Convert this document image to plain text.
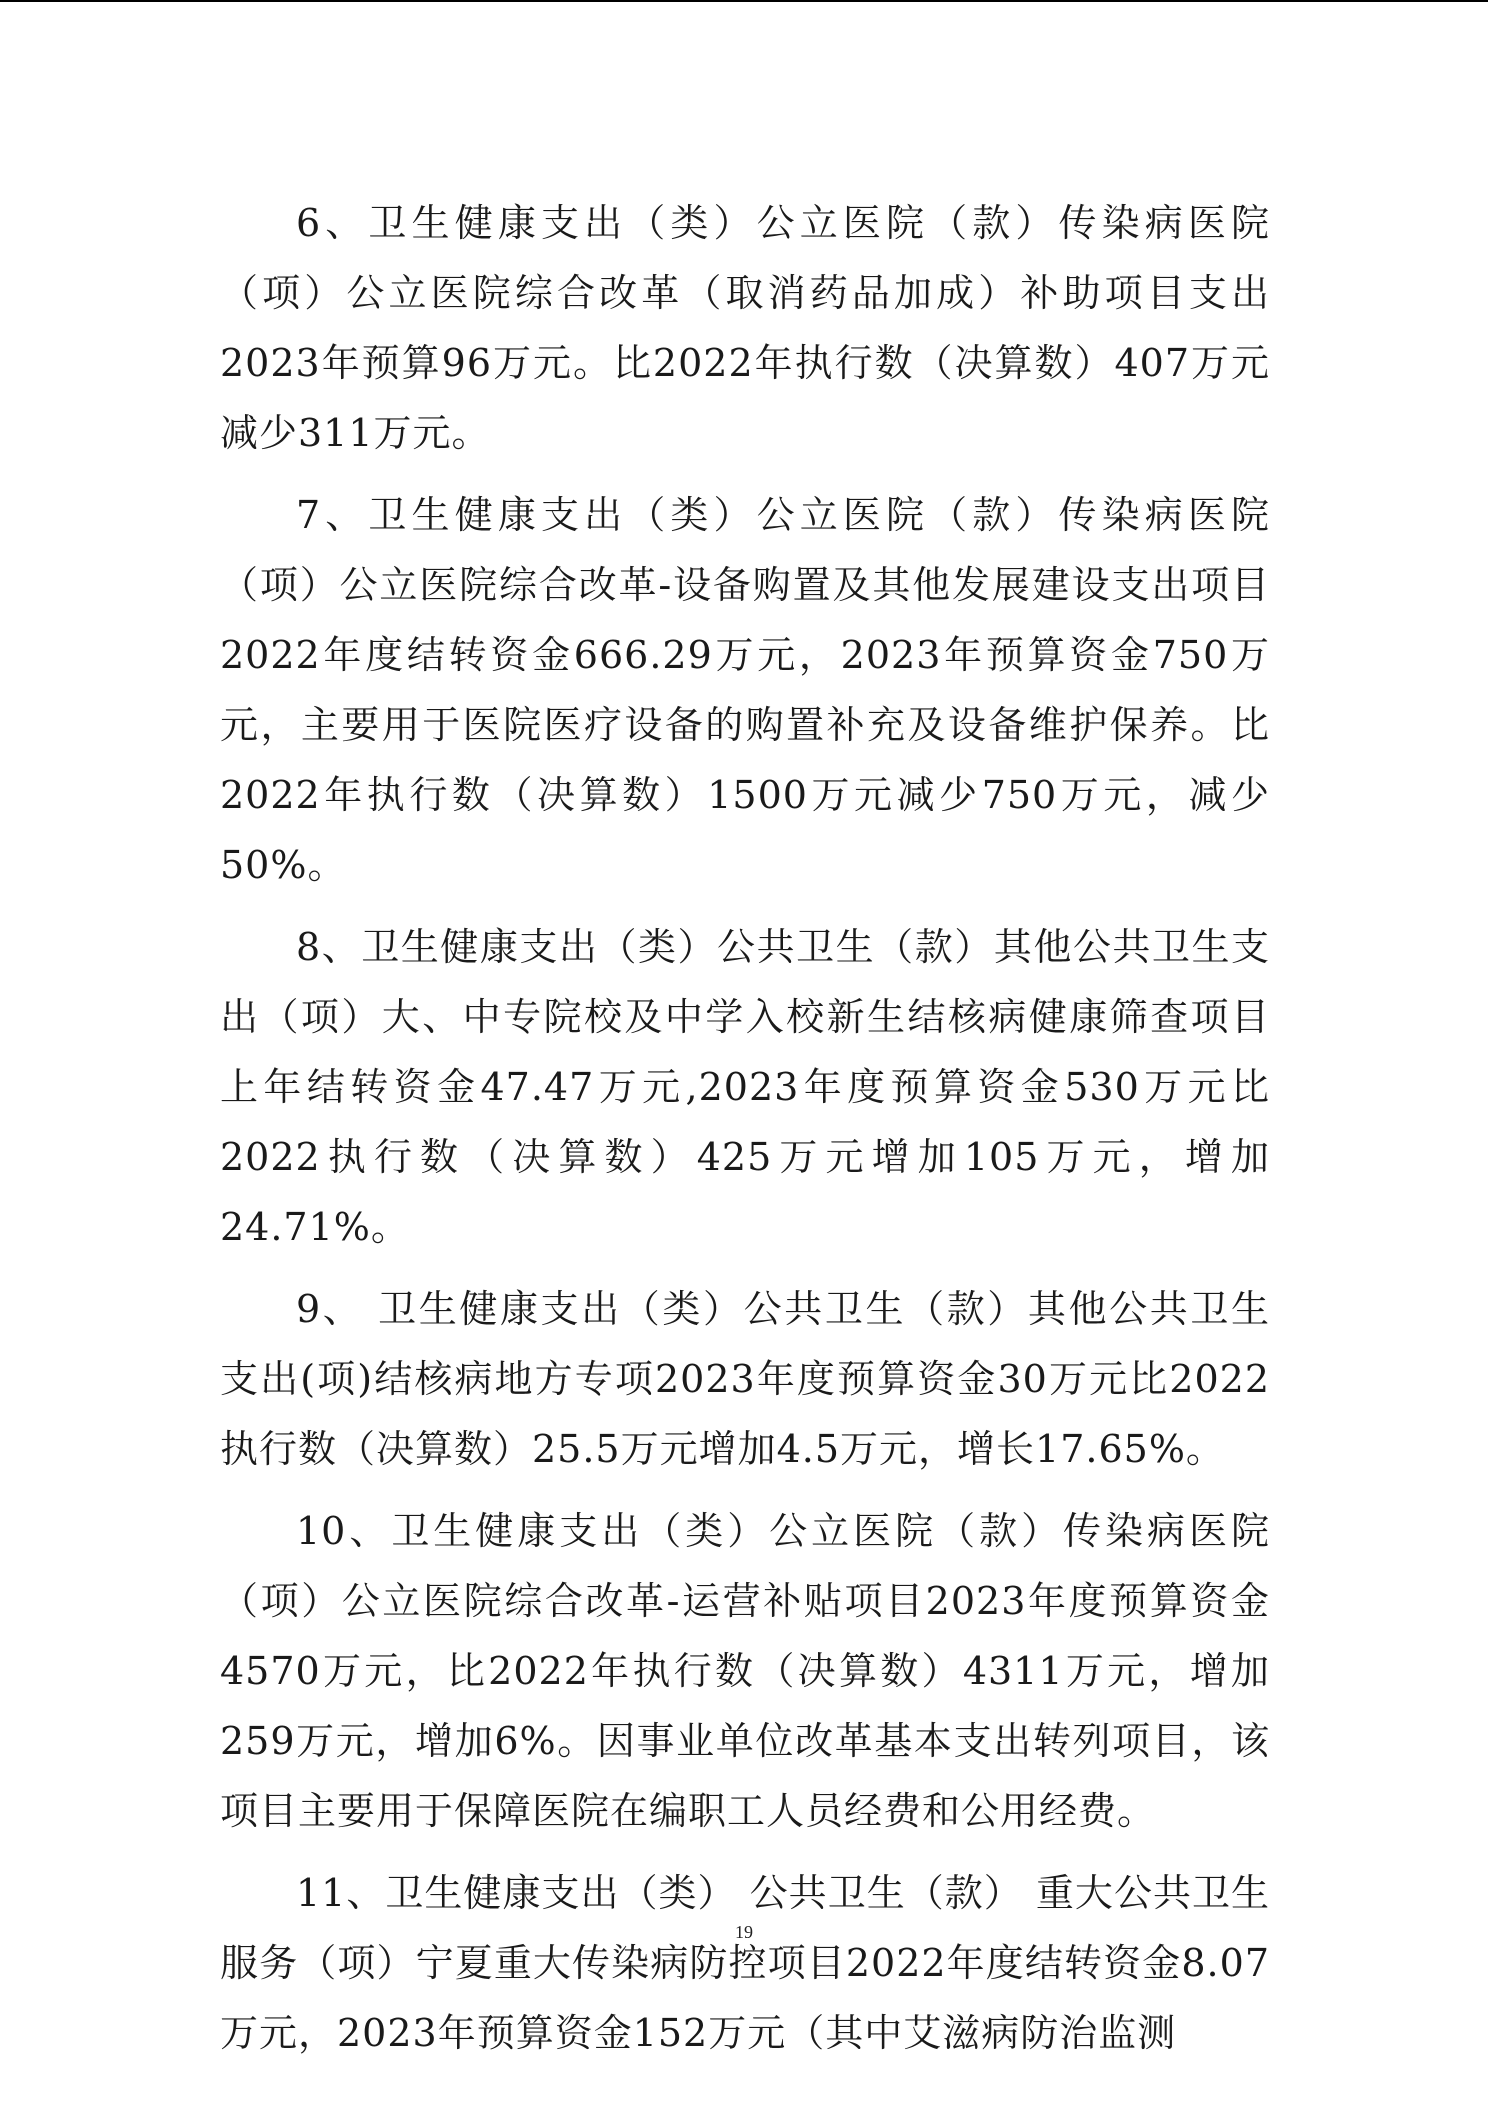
6、卫生健康支出（类）公立医院（款）传染病医院（项）公立医院综合改革（取消药品加成）补助项目支出2023年预算96万元。比2022年执行数（决算数）407万元减少311万元。

7、卫生健康支出（类）公立医院（款）传染病医院（项）公立医院综合改革-设备购置及其他发展建设支出项目2022年度结转资金666.29万元，2023年预算资金750万元，主要用于医院医疗设备的购置补充及设备维护保养。比2022年执行数（决算数）1500万元减少750万元，减少50%。

8、卫生健康支出（类）公共卫生（款）其他公共卫生支出（项）大、中专院校及中学入校新生结核病健康筛查项目上年结转资金47.47万元,2023年度预算资金530万元比2022执行数（决算数）425万元增加105万元，增加24.71%。

9、 卫生健康支出（类）公共卫生（款）其他公共卫生支出(项)结核病地方专项2023年度预算资金30万元比2022执行数（决算数）25.5万元增加4.5万元，增长17.65%。

10、卫生健康支出（类）公立医院（款）传染病医院（项）公立医院综合改革-运营补贴项目2023年度预算资金4570万元，比2022年执行数（决算数）4311万元，增加259万元，增加6%。因事业单位改革基本支出转列项目，该项目主要用于保障医院在编职工人员经费和公用经费。

11、卫生健康支出（类） 公共卫生（款） 重大公共卫生服务（项）宁夏重大传染病防控项目2022年度结转资金8.07万元，2023年预算资金152万元（其中艾滋病防治监测

19
